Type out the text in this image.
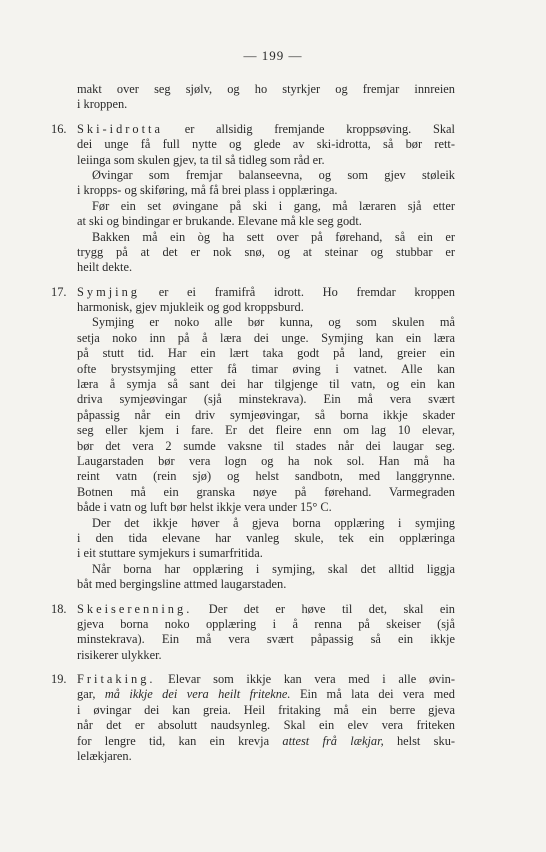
— 199 —
makt over seg sjølv, og ho styrkjer og fremjar innreien
i kroppen.
16. Ski-idrotta er allsidig fremjande kroppsøving. Skal
dei unge få full nytte og glede av ski-idrotta, så bør rett-
leiinga som skulen gjev, ta til så tidleg som råd er.
Øvingar som fremjar balanseevna, og som gjev støleik
i kropps- og skiføring, må få brei plass i opplæringa.
Før ein set øvingane på ski i gang, må læraren sjå etter
at ski og bindingar er brukande. Elevane må kle seg godt.
Bakken må ein òg ha sett over på førehand, så ein er
trygg på at det er nok snø, og at steinar og stubbar er
heilt dekte.
17. Symjing er ei framifrå idrott. Ho fremdar kroppen
harmonisk, gjev mjukleik og god kroppsburd.
Symjing er noko alle bør kunna, og som skulen må
setja noko inn på å læra dei unge. Symjing kan ein læra
på stutt tid. Har ein lært taka godt på land, greier ein
ofte brystsymjing etter få timar øving i vatnet. Alle kan
læra å symja så sant dei har tilgjenge til vatn, og ein kan
driva symjeøvingar (sjå minstekrava). Ein må vera svært
påpassig når ein driv symjeøvingar, så borna ikkje skader
seg eller kjem i fare. Er det fleire enn om lag 10 elevar,
bør det vera 2 sumde vaksne til stades når dei laugar seg.
Laugarstaden bør vera logn og ha nok sol. Han må ha
reint vatn (rein sjø) og helst sandbotn, med langgrynne.
Botnen må ein granska nøye på førehand. Varmegraden
både i vatn og luft bør helst ikkje vera under 15° C.
Der det ikkje høver å gjeva borna opplæring i symjing
i den tida elevane har vanleg skule, tek ein opplæringa
i eit stuttare symjekurs i sumarfritida.
Når borna har opplæring i symjing, skal det alltid liggja
båt med bergingsline attmed laugarstaden.
18. Skeiserenning. Der det er høve til det, skal ein
gjeva borna noko opplæring i å renna på skeiser (sjå
minstekrava). Ein må vera svært påpassig så ein ikkje
risikerer ulykker.
19. Fritaking. Elevar som ikkje kan vera med i alle øvin-
gar, må ikkje dei vera heilt fritekne. Ein må lata dei vera med
i øvingar dei kan greia. Heil fritaking må ein berre gjeva
når det er absolutt naudsynleg. Skal ein elev vera friteken
for lengre tid, kan ein krevja attest frå lækjar, helst sku-
lelækjaren.
